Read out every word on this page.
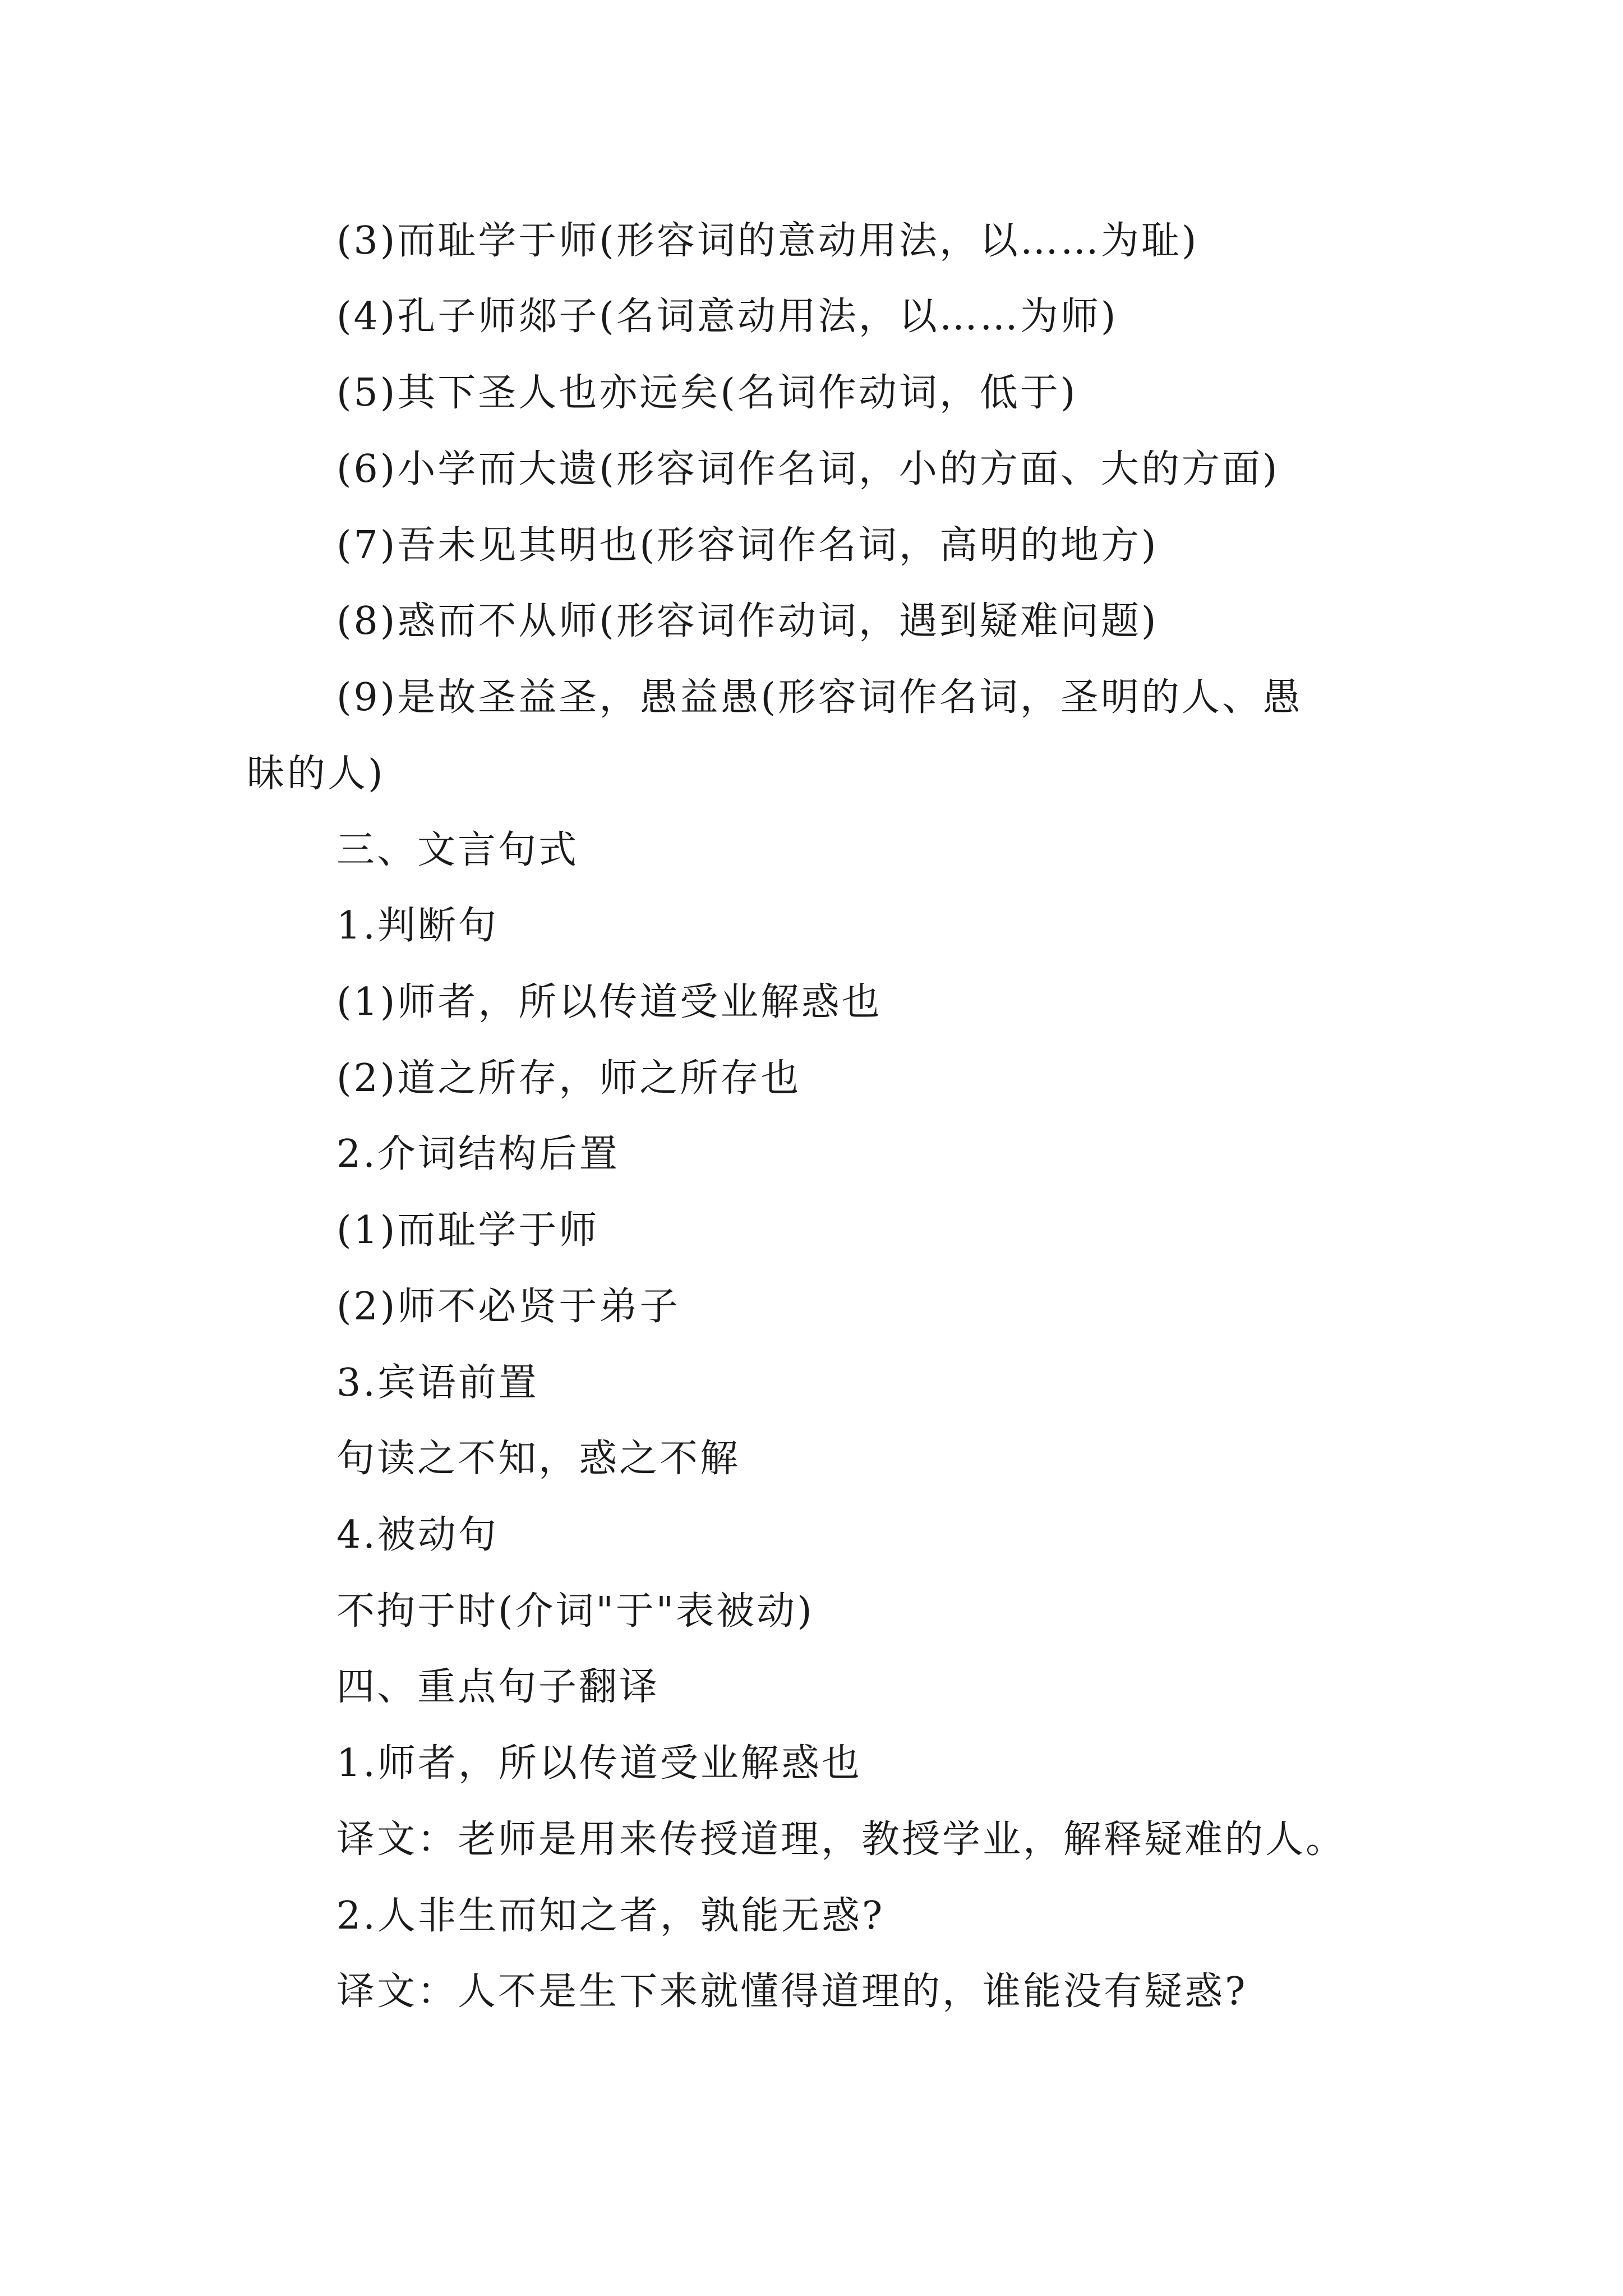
(3)而耻学于师(形容词的意动用法，以……为耻)
(4)孔子师郯子(名词意动用法，以……为师)
(5)其下圣人也亦远矣(名词作动词，低于)
(6)小学而大遗(形容词作名词，小的方面、大的方面)
(7)吾未见其明也(形容词作名词，高明的地方)
(8)惑而不从师(形容词作动词，遇到疑难问题)
(9)是故圣益圣，愚益愚(形容词作名词，圣明的人、愚
昧的人)
三、文言句式
1.判断句
(1)师者，所以传道受业解惑也
(2)道之所存，师之所存也
2.介词结构后置
(1)而耻学于师
(2)师不必贤于弟子
3.宾语前置
句读之不知，惑之不解
4.被动句
不拘于时(介词"于"表被动)
四、重点句子翻译
1.师者，所以传道受业解惑也
译文：老师是用来传授道理，教授学业，解释疑难的人。
2.人非生而知之者，孰能无惑?
译文：人不是生下来就懂得道理的，谁能没有疑惑?
